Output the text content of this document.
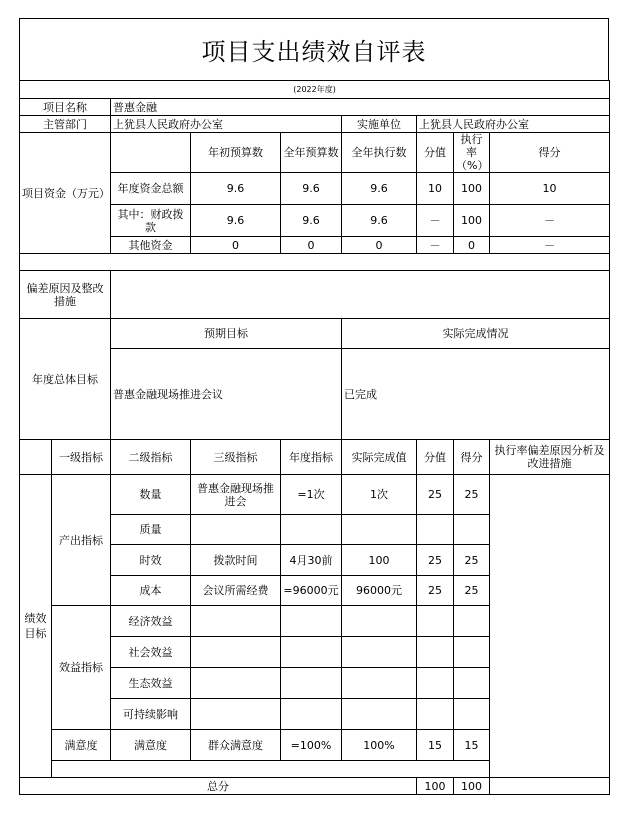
项目支出绩效自评表
(2022年度)								
项目名称		普惠金融						
主管部门		上犹县人民政府办公室			实施单位	上犹县人民政府办公室		
项目资金（万元）			年初预算数	全年预算数	全年执行数	分值	执行率（%）	得分
		年度资金总额	9.6	9.6	9.6	10	100	10
		其中：财政拨款	9.6	9.6	9.6	－	100	－
		其他资金	0	0	0	－	0	－

偏差原因及整改措施								
年度总体目标		预期目标			实际完成情况			
		普惠金融现场推进会议			已完成			
	一级指标	二级指标	三级指标	年度指标	实际完成值	分值	得分	执行率偏差原因分析及改进措施
绩效目标	产出指标	数量	普惠金融现场推进会	=1次	1次	25	25	
		质量						
		时效	拨款时间	4月30前	100	25	25	
		成本	会议所需经费	=96000元	96000元	25	25	
	效益指标	经济效益						
		社会效益						
		生态效益						
		可持续影响						
	满意度	满意度	群众满意度	=100%	100%	15	15	

总分						100	100	
